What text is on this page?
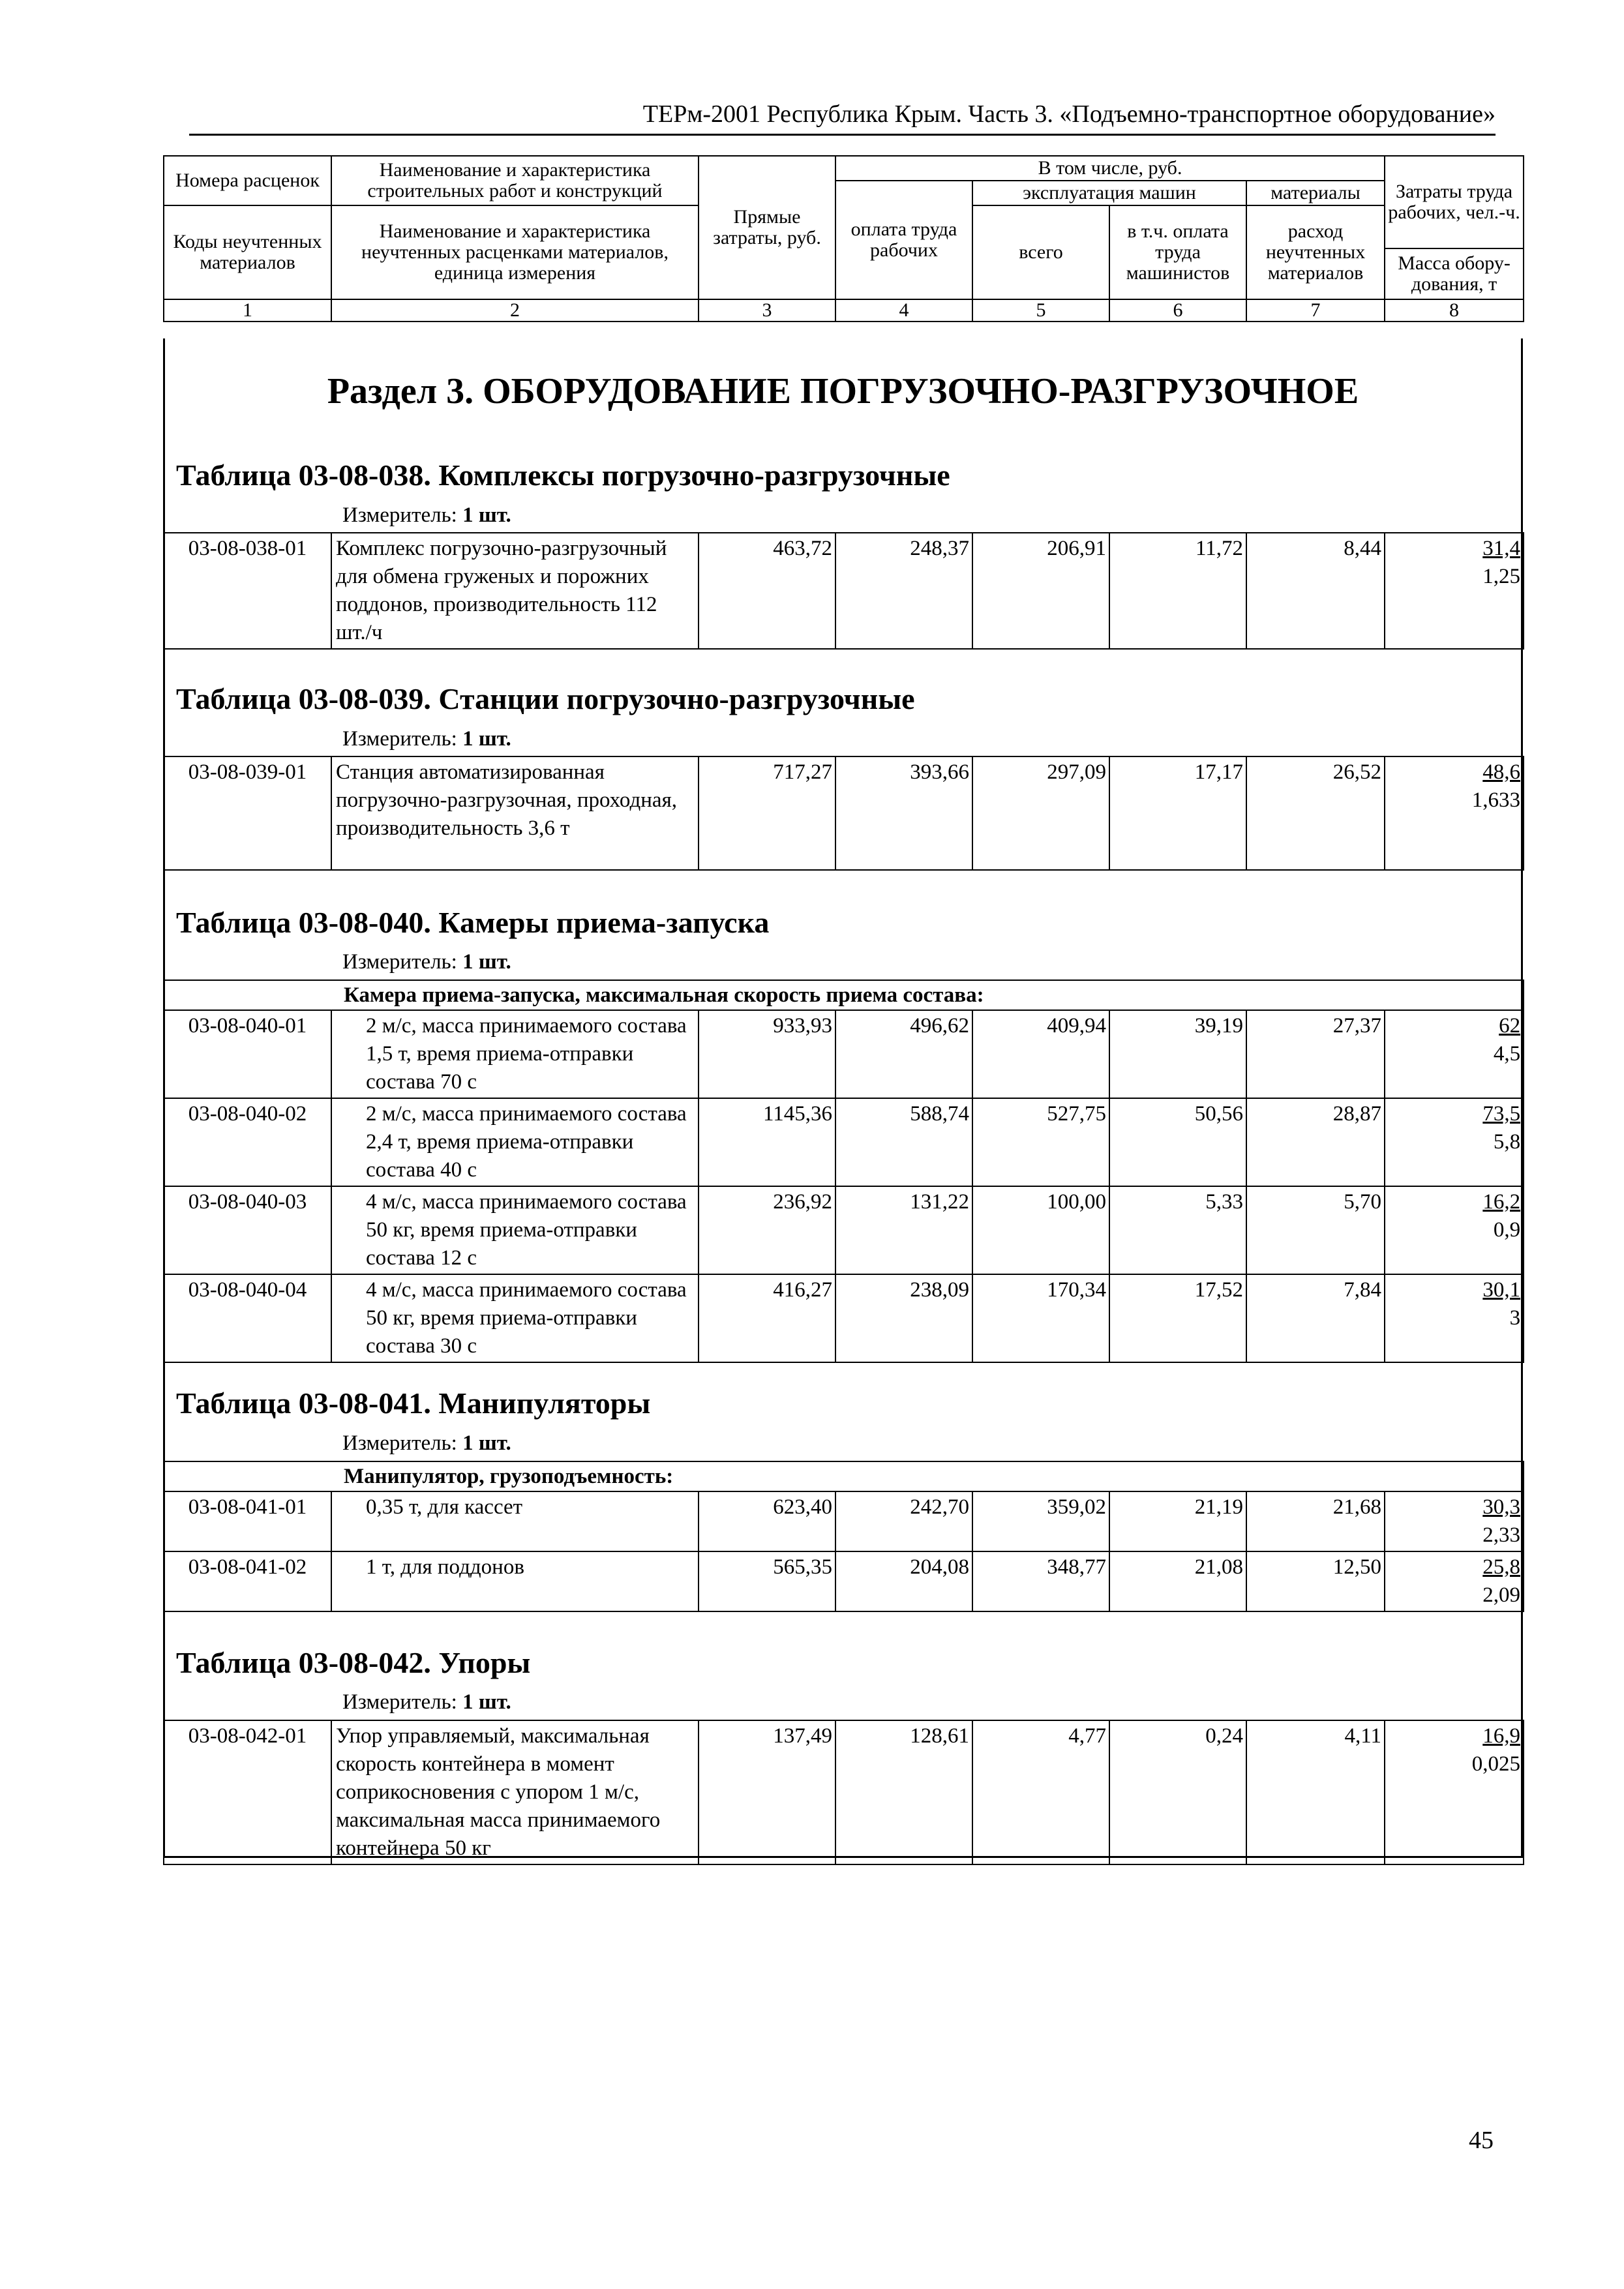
ТЕРм-2001 Республика Крым. Часть 3. «Подъемно-транспортное оборудование»
Номера расценок	Наименование и характеристика строительных работ и конструкций	Прямые затраты, руб.	В том числе, руб.				Затраты труда рабочих, чел.-ч.
			оплата труда рабочих	эксплуатация машин		материалы	
Коды неучтенных материалов	Наименование и характеристика неучтенных расценками материалов, единица измерения			всего	в т.ч. оплата труда машинистов	расход неучтенных материалов	
							Масса обору-дования, т
1	2	3	4	5	6	7	8
Раздел 3. ОБОРУДОВАНИЕ ПОГРУЗОЧНО-РАЗГРУЗОЧНОЕ
Таблица 03-08-038. Комплексы погрузочно-разгрузочные
Измеритель: 1 шт.
03-08-038-01	Комплекс погрузочно-разгрузочный для обмена груженых и порожних поддонов, производительность 112 шт./ч	463,72	248,37	206,91	11,72	8,44	31,4
1,25
Таблица 03-08-039. Станции погрузочно-разгрузочные
Измеритель: 1 шт.
03-08-039-01	Станция автоматизированная погрузочно-разгрузочная, проходная, производительность 3,6 т	717,27	393,66	297,09	17,17	26,52	48,6
1,633
Таблица 03-08-040. Камеры приема-запуска
Измеритель: 1 шт.
Камера приема-запуска, максимальная скорость приема состава:							
03-08-040-01	2 м/с, масса принимаемого состава 1,5 т, время приема-отправки состава 70 с	933,93	496,62	409,94	39,19	27,37	62
4,5

03-08-040-02	2 м/с, масса принимаемого состава 2,4 т, время приема-отправки состава 40 с	1145,36	588,74	527,75	50,56	28,87	73,5
5,8

03-08-040-03	4 м/с, масса принимаемого состава 50 кг, время приема-отправки состава 12 с	236,92	131,22	100,00	5,33	5,70	16,2
0,9

03-08-040-04	4 м/с, масса принимаемого состава 50 кг, время приема-отправки состава 30 с	416,27	238,09	170,34	17,52	7,84	30,1
3
Таблица 03-08-041. Манипуляторы
Измеритель: 1 шт.
Манипулятор, грузоподъемность:							
03-08-041-01	0,35 т, для кассет	623,40	242,70	359,02	21,19	21,68	30,3
2,33

03-08-041-02	1 т, для поддонов	565,35	204,08	348,77	21,08	12,50	25,8
2,09
Таблица 03-08-042. Упоры
Измеритель: 1 шт.
03-08-042-01	Упор управляемый, максимальная скорость контейнера в момент соприкосновения с упором 1 м/с, максимальная масса принимаемого контейнера 50 кг	137,49	128,61	4,77	0,24	4,11	16,9
0,025
45
